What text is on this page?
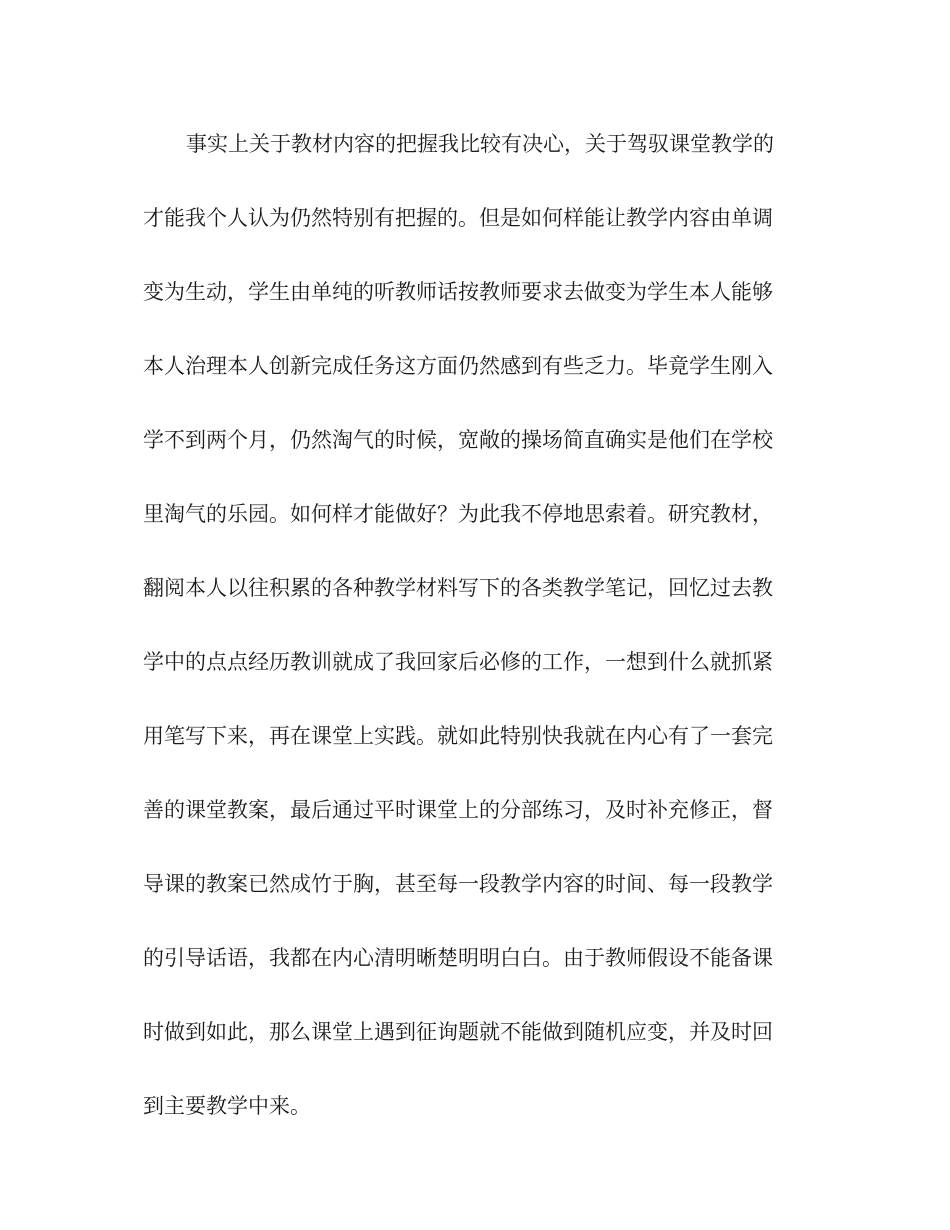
事实上关于教材内容的把握我比较有决心，关于驾驭课堂教学的
才能我个人认为仍然特别有把握的。但是如何样能让教学内容由单调
变为生动，学生由单纯的听教师话按教师要求去做变为学生本人能够
本人治理本人创新完成任务这方面仍然感到有些乏力。毕竟学生刚入
学不到两个月，仍然淘气的时候，宽敞的操场简直确实是他们在学校
里淘气的乐园。如何样才能做好？为此我不停地思索着。研究教材，
翻阅本人以往积累的各种教学材料写下的各类教学笔记，回忆过去教
学中的点点经历教训就成了我回家后必修的工作，一想到什么就抓紧
用笔写下来，再在课堂上实践。就如此特别快我就在内心有了一套完
善的课堂教案，最后通过平时课堂上的分部练习，及时补充修正，督
导课的教案已然成竹于胸，甚至每一段教学内容的时间、每一段教学
的引导话语，我都在内心清明晰楚明明白白。由于教师假设不能备课
时做到如此，那么课堂上遇到征询题就不能做到随机应变，并及时回
到主要教学中来。
